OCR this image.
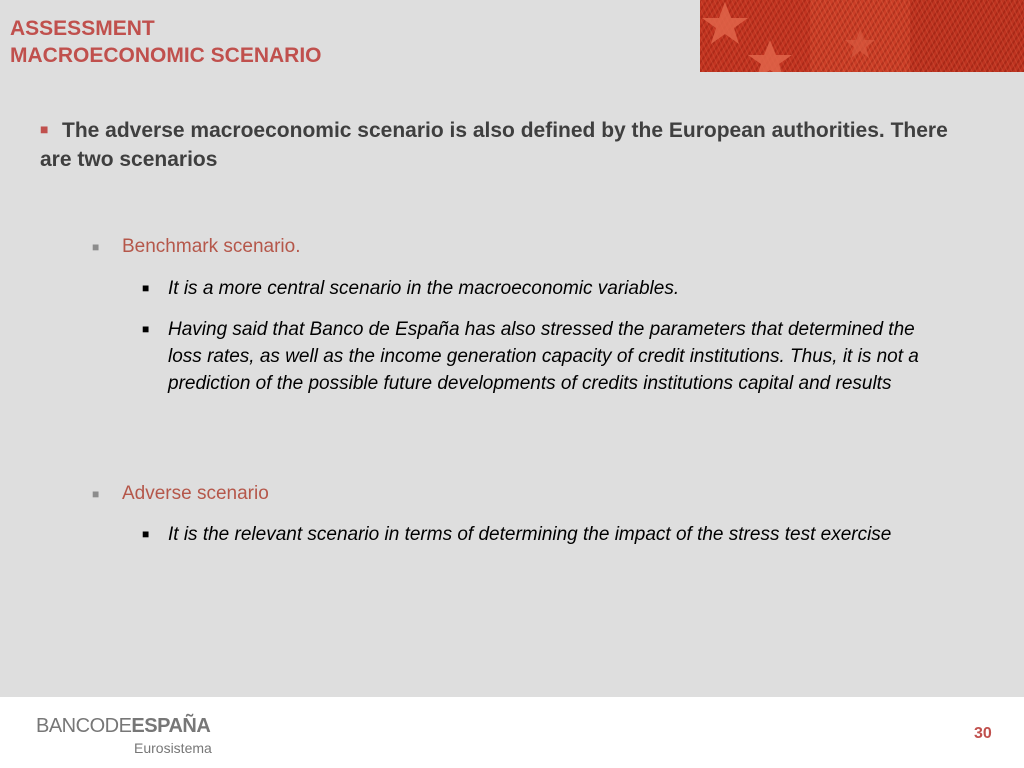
ASSESSMENT
MACROECONOMIC SCENARIO
■ The adverse macroeconomic scenario is also defined by the European authorities. There are two scenarios
■ Benchmark scenario.
■ It is a more central scenario in the macroeconomic variables.
■ Having said that Banco de España has also stressed the parameters that determined the loss rates, as well as the income generation capacity of credit institutions. Thus, it is not a prediction of the possible future developments of credits institutions capital and results
■ Adverse scenario
■ It is the relevant scenario in terms of determining the impact of the stress test exercise
BANCODEESPAÑA
Eurosistema
30
